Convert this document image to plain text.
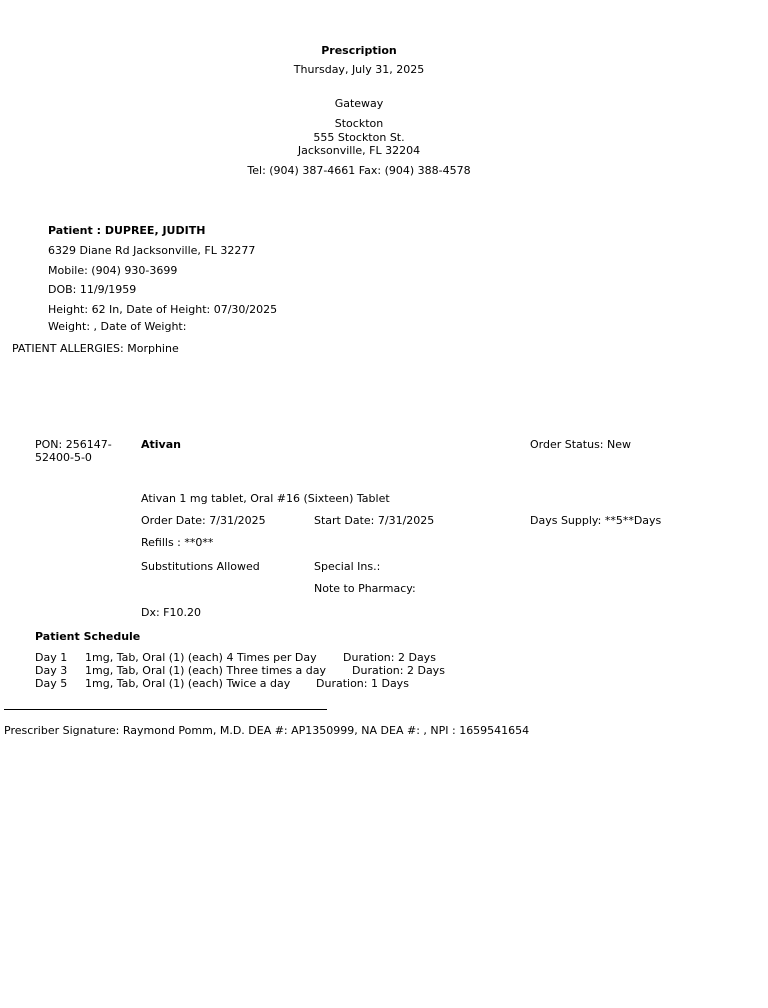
Prescription
Thursday, July 31, 2025
Gateway
Stockton
555 Stockton St.
Jacksonville, FL 32204
Tel: (904) 387-4661 Fax: (904) 388-4578
Patient : DUPREE, JUDITH
6329 Diane Rd Jacksonville, FL 32277
Mobile: (904) 930-3699
DOB: 11/9/1959
Height: 62 In, Date of Height: 07/30/2025
Weight: , Date of Weight:
PATIENT ALLERGIES: Morphine
PON: 256147-
52400-5-0
Ativan	Order Status: New
Ativan 1 mg tablet, Oral #16 (Sixteen) Tablet
Order Date: 7/31/2025	Start Date: 7/31/2025	Days Supply: **5**Days
Refills : **0**
Substitutions Allowed	Special Ins.:
Note to Pharmacy:
Dx: F10.20
Patient Schedule
Day 1 1mg, Tab, Oral (1) (each) 4 Times per Day Duration: 2 Days
Day 3 1mg, Tab, Oral (1) (each) Three times a day Duration: 2 Days
Day 5 1mg, Tab, Oral (1) (each) Twice a day Duration: 1 Days
Prescriber Signature: Raymond Pomm, M.D. DEA #: AP1350999, NA DEA #: , NPI : 1659541654
